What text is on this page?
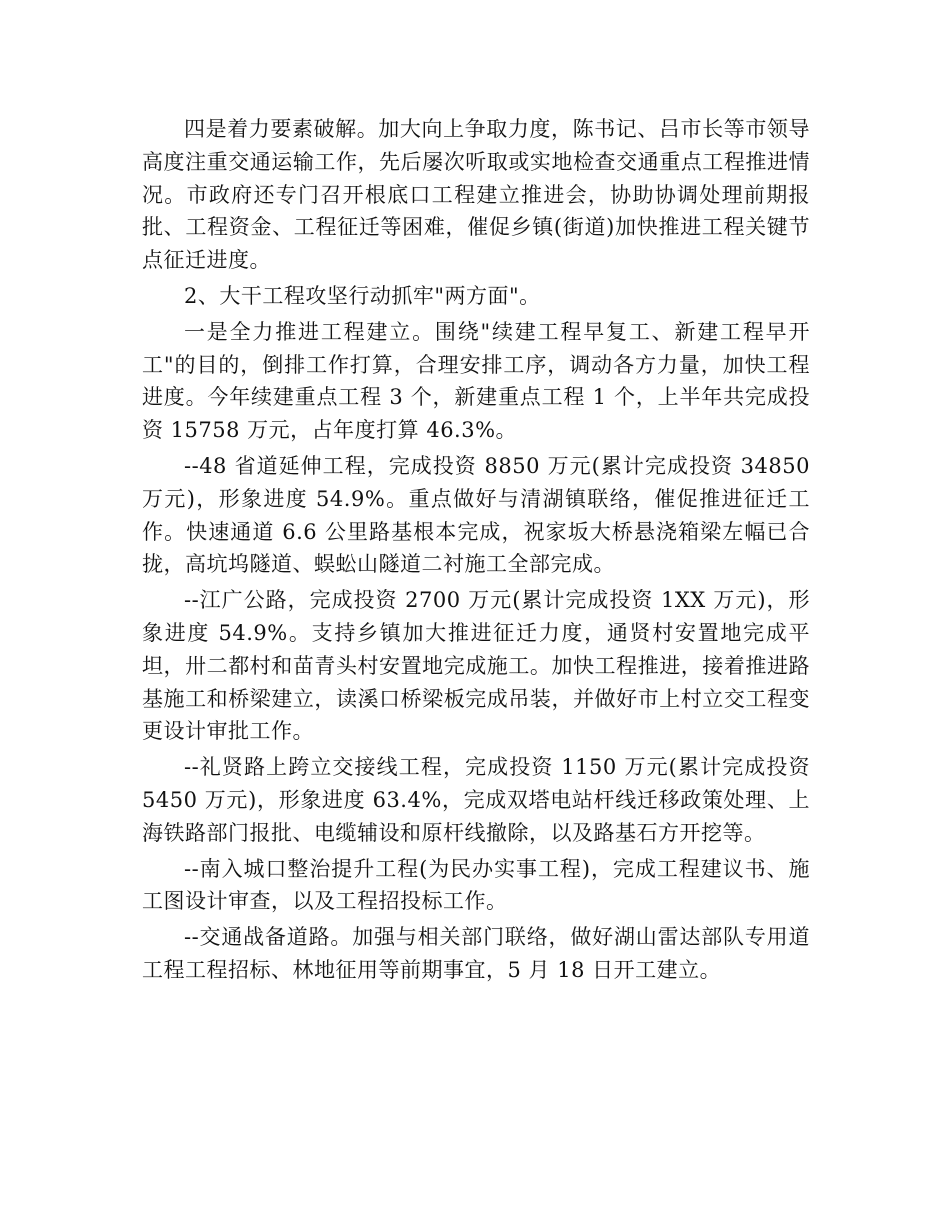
四是着力要素破解。加大向上争取力度，陈书记、吕市长等市领导高度注重交通运输工作，先后屡次听取或实地检查交通重点工程推进情况。市政府还专门召开根底口工程建立推进会，协助协调处理前期报批、工程资金、工程征迁等困难，催促乡镇(街道)加快推进工程关键节点征迁进度。

2、大干工程攻坚行动抓牢"两方面"。

一是全力推进工程建立。围绕"续建工程早复工、新建工程早开工"的目的，倒排工作打算，合理安排工序，调动各方力量，加快工程进度。今年续建重点工程 3 个，新建重点工程 1 个，上半年共完成投资 15758 万元，占年度打算 46.3%。

--48 省道延伸工程，完成投资 8850 万元(累计完成投资 34850 万元)，形象进度 54.9%。重点做好与清湖镇联络，催促推进征迁工作。快速通道 6.6 公里路基根本完成，祝家坂大桥悬浇箱梁左幅已合拢，高坑坞隧道、蜈蚣山隧道二衬施工全部完成。

--江广公路，完成投资 2700 万元(累计完成投资 1XX 万元)，形象进度 54.9%。支持乡镇加大推进征迁力度，通贤村安置地完成平坦，卅二都村和苗青头村安置地完成施工。加快工程推进，接着推进路基施工和桥梁建立，读溪口桥梁板完成吊装，并做好市上村立交工程变更设计审批工作。

--礼贤路上跨立交接线工程，完成投资 1150 万元(累计完成投资 5450 万元)，形象进度 63.4%，完成双塔电站杆线迁移政策处理、上海铁路部门报批、电缆辅设和原杆线撤除，以及路基石方开挖等。

--南入城口整治提升工程(为民办实事工程)，完成工程建议书、施工图设计审查，以及工程招投标工作。

--交通战备道路。加强与相关部门联络，做好湖山雷达部队专用道工程工程招标、林地征用等前期事宜，5 月 18 日开工建立。
